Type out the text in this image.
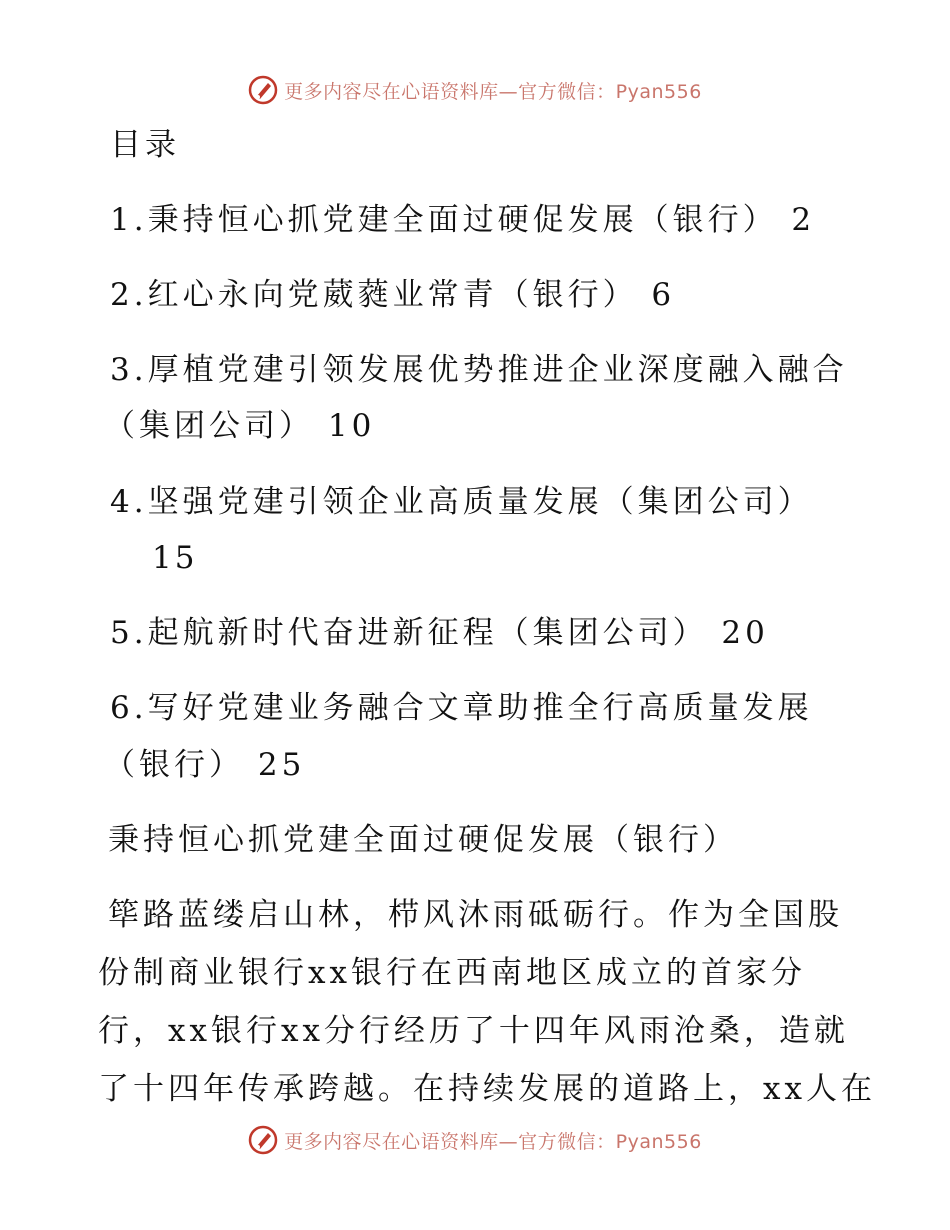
更多内容尽在心语资料库—官方微信：Pyan556
目录
1.秉持恒心抓党建全面过硬促发展（银行） 2
2.红心永向党葳蕤业常青（银行） 6
3.厚植党建引领发展优势推进企业深度融入融合
（集团公司） 10
4.坚强党建引领企业高质量发展（集团公司）
15
5.起航新时代奋进新征程（集团公司） 20
6.写好党建业务融合文章助推全行高质量发展
（银行） 25
秉持恒心抓党建全面过硬促发展（银行）
筚路蓝缕启山林，栉风沐雨砥砺行。作为全国股
份制商业银行xx银行在西南地区成立的首家分
行，xx银行xx分行经历了十四年风雨沧桑，造就
了十四年传承跨越。在持续发展的道路上，xx人在
更多内容尽在心语资料库—官方微信：Pyan556
